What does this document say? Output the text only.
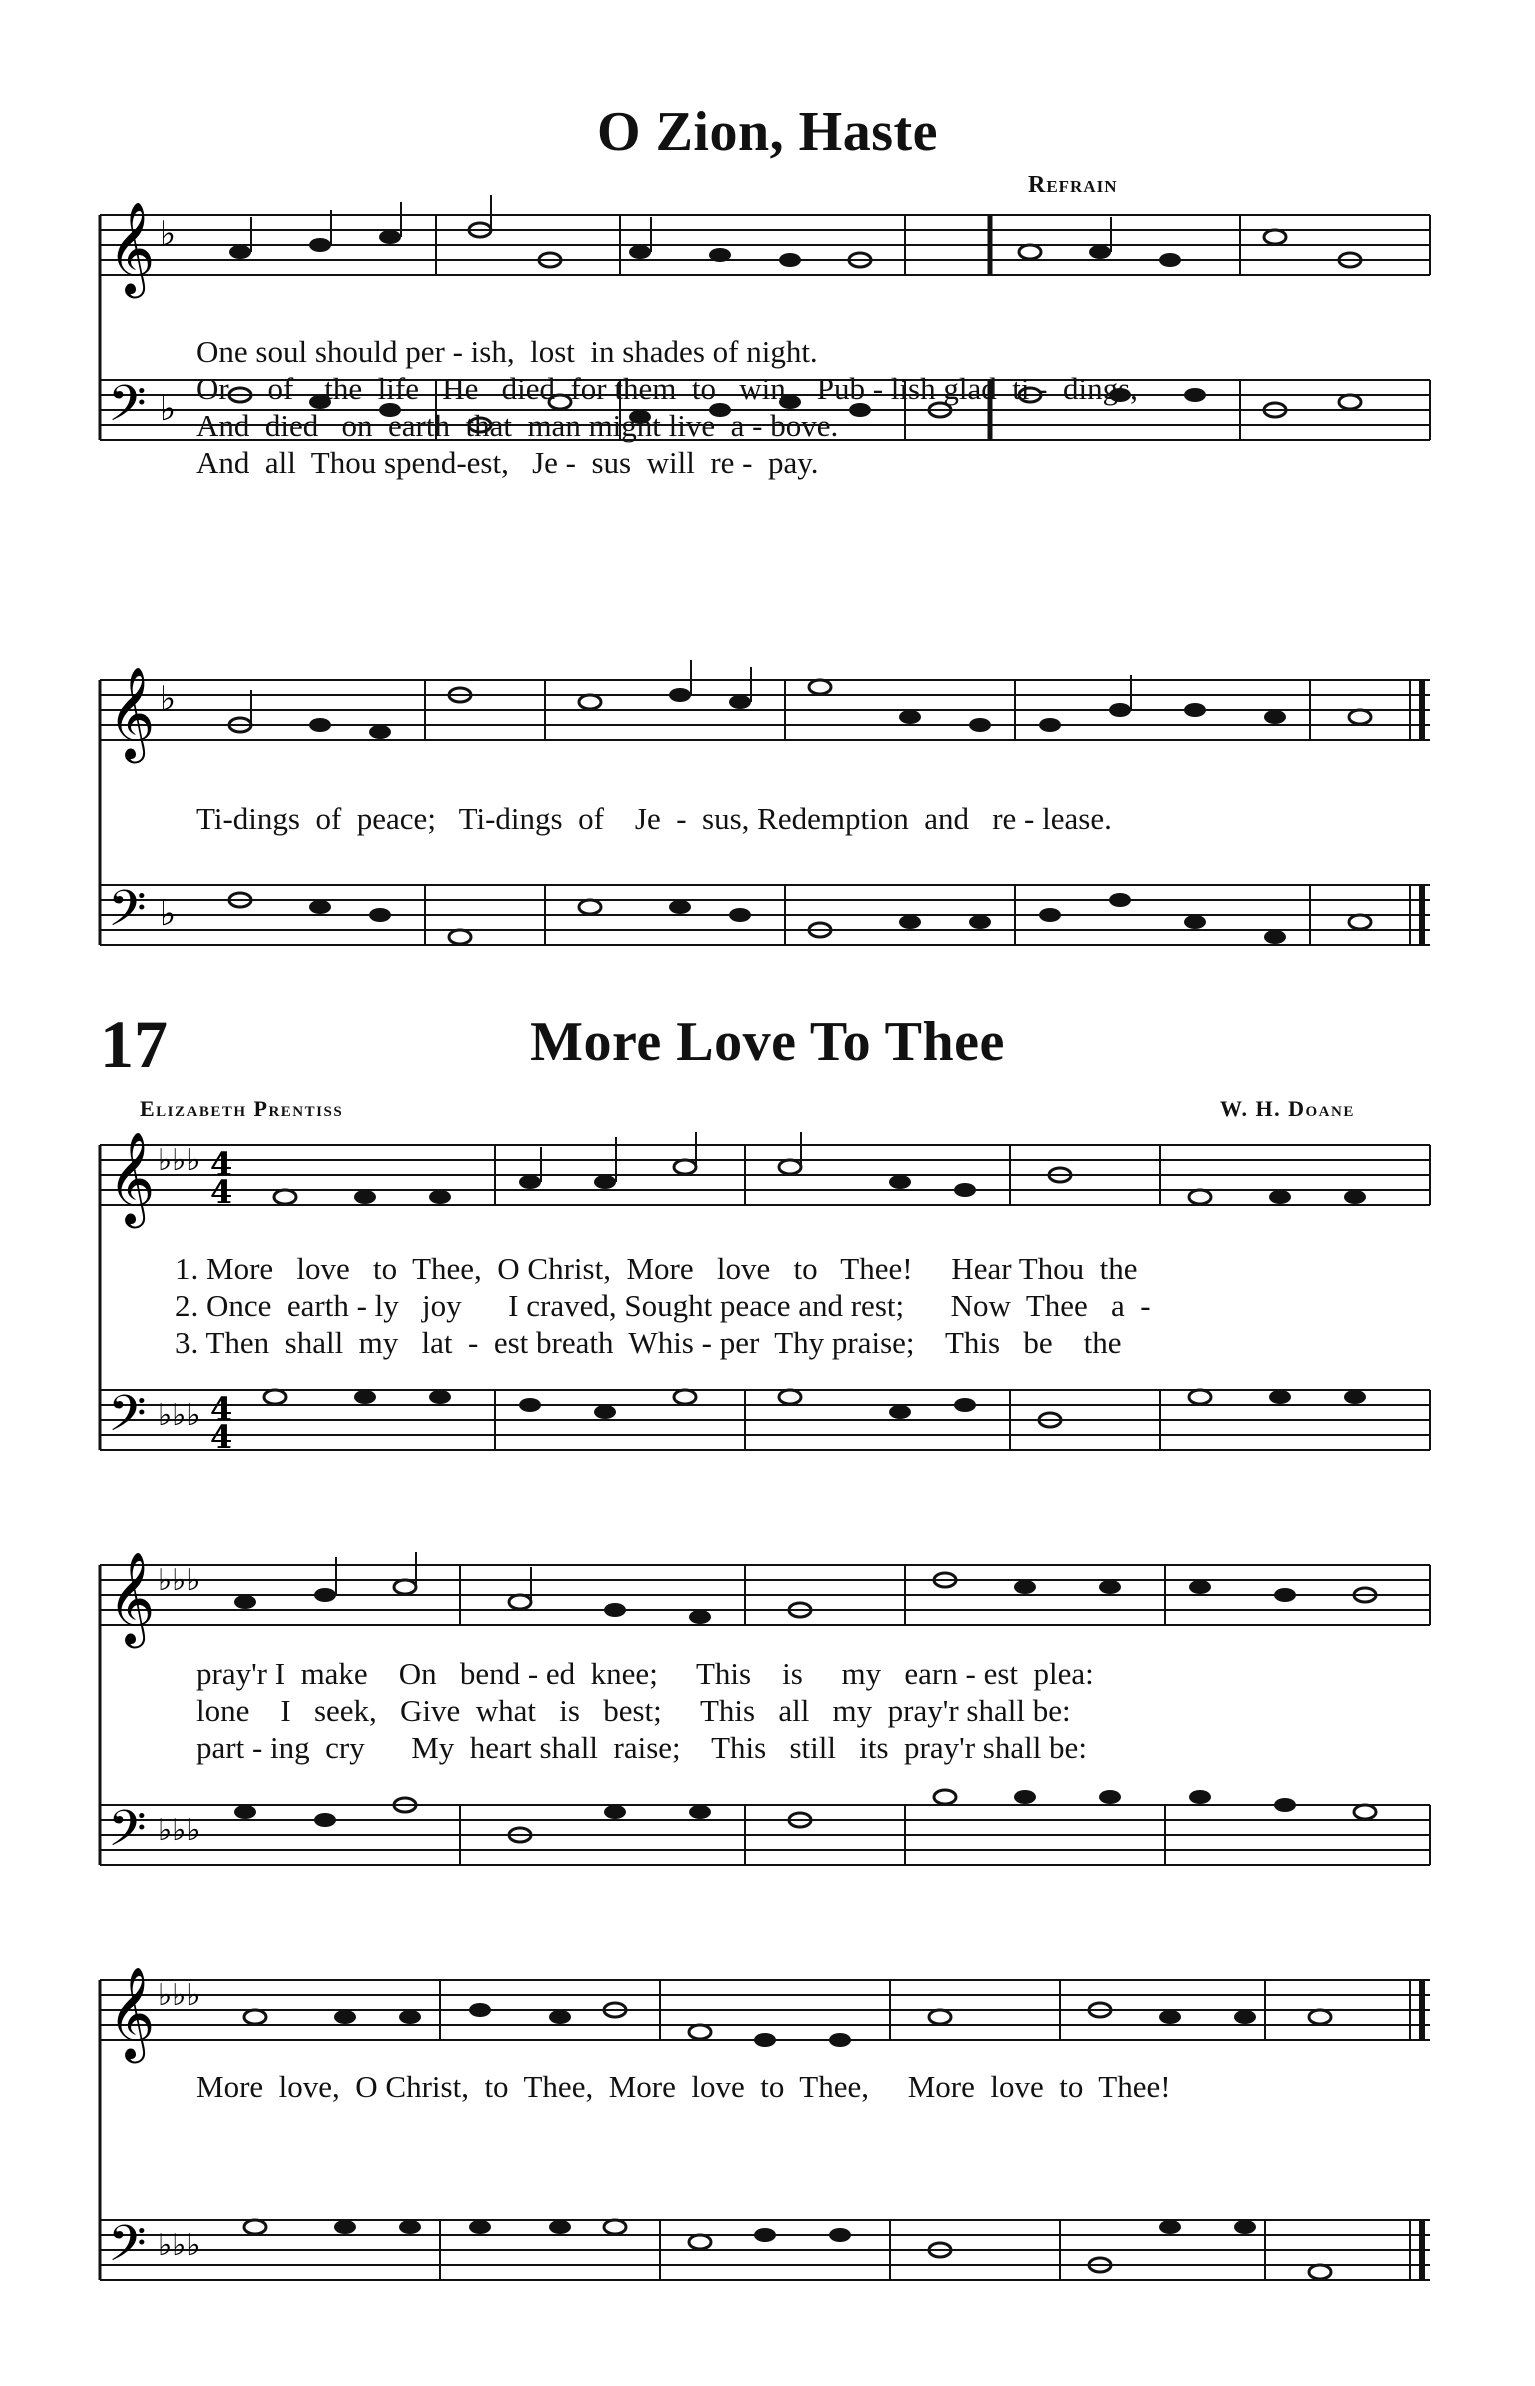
O Zion, Haste
Refrain
𝄞 ♭
𝄢 ♭
One soul should per - ish,  lost  in shades of night.
Or     of    the  life   He   died  for them  to   win.   Pub - lish glad  ti -  dings,
And  died   on  earth  that  man might live  a - bove.
And  all  Thou spend-est,   Je -  sus  will  re -  pay.
𝄞 ♭
𝄢 ♭
Ti-dings  of  peace;   Ti-dings  of    Je  -  sus, Redemption  and   re - lease.
17	More Love To Thee
Elizabeth Prentiss	W. H. Doane
𝄞 ♭♭♭ 4
4
𝄢 ♭♭♭ 4
4
1. More   love   to  Thee,  O Christ,  More   love   to   Thee!     Hear Thou  the
2. Once  earth - ly   joy      I craved, Sought peace and rest;      Now  Thee   a  -
3. Then  shall  my   lat  -  est breath  Whis - per  Thy praise;    This   be    the
𝄞 ♭♭♭
𝄢 ♭♭♭
pray'r I  make    On   bend - ed  knee;     This    is     my   earn - est  plea:
lone    I   seek,   Give  what   is   best;     This   all   my  pray'r shall be:
part - ing  cry      My  heart shall  raise;    This   still   its  pray'r shall be:
𝄞 ♭♭♭
𝄢 ♭♭♭
More  love,  O Christ,  to  Thee,  More  love  to  Thee,     More  love  to  Thee!
